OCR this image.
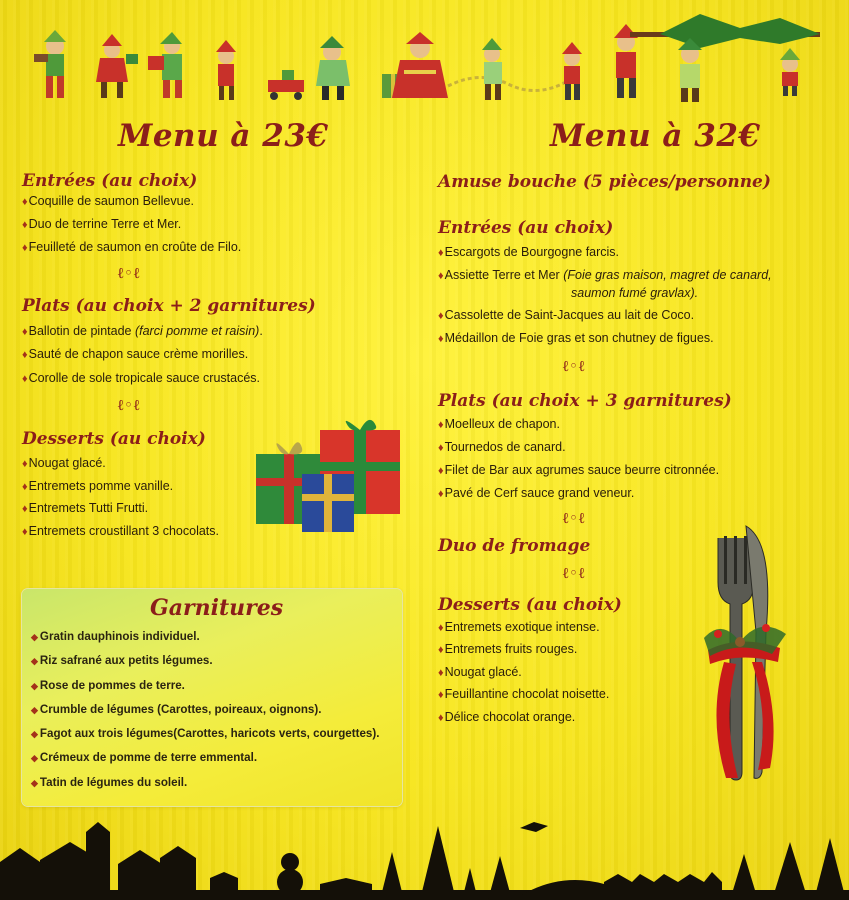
Menu à 23€
Entrées (au choix)
♦Coquille de saumon Bellevue.
♦Duo de terrine Terre et Mer.
♦Feuilleté de saumon en croûte de Filo.
ℓ◦ℓ
Plats (au choix + 2 garnitures)
♦Ballotin de pintade (farci pomme et raisin).
♦Sauté de chapon sauce crème morilles.
♦Corolle de sole tropicale sauce crustacés.
ℓ◦ℓ
Desserts (au choix)
♦Nougat glacé.
♦Entremets pomme vanille.
♦Entremets Tutti Frutti.
♦Entremets croustillant 3 chocolats.
Garnitures
◆ Gratin dauphinois individuel.
◆ Riz safrané aux petits légumes.
◆ Rose de pommes de terre.
◆ Crumble de légumes (Carottes, poireaux, oignons).
◆ Fagot aux trois légumes(Carottes, haricots verts, courgettes).
◆ Crémeux de pomme de terre emmental.
◆ Tatin de légumes du soleil.
Menu à 32€
Amuse bouche (5 pièces/personne)
Entrées (au choix)
♦Escargots de Bourgogne farcis.
♦Assiette Terre et Mer (Foie gras maison, magret de canard,
saumon fumé gravlax).
♦Cassolette de Saint-Jacques au lait de Coco.
♦Médaillon de Foie gras et son chutney de figues.
ℓ◦ℓ
Plats (au choix + 3 garnitures)
♦Moelleux de chapon.
♦Tournedos de canard.
♦Filet de Bar aux agrumes sauce beurre citronnée.
♦Pavé de Cerf sauce grand veneur.
ℓ◦ℓ
Duo de fromage
ℓ◦ℓ
Desserts (au choix)
♦Entremets exotique intense.
♦Entremets fruits rouges.
♦Nougat glacé.
♦Feuillantine chocolat noisette.
♦Délice chocolat orange.
